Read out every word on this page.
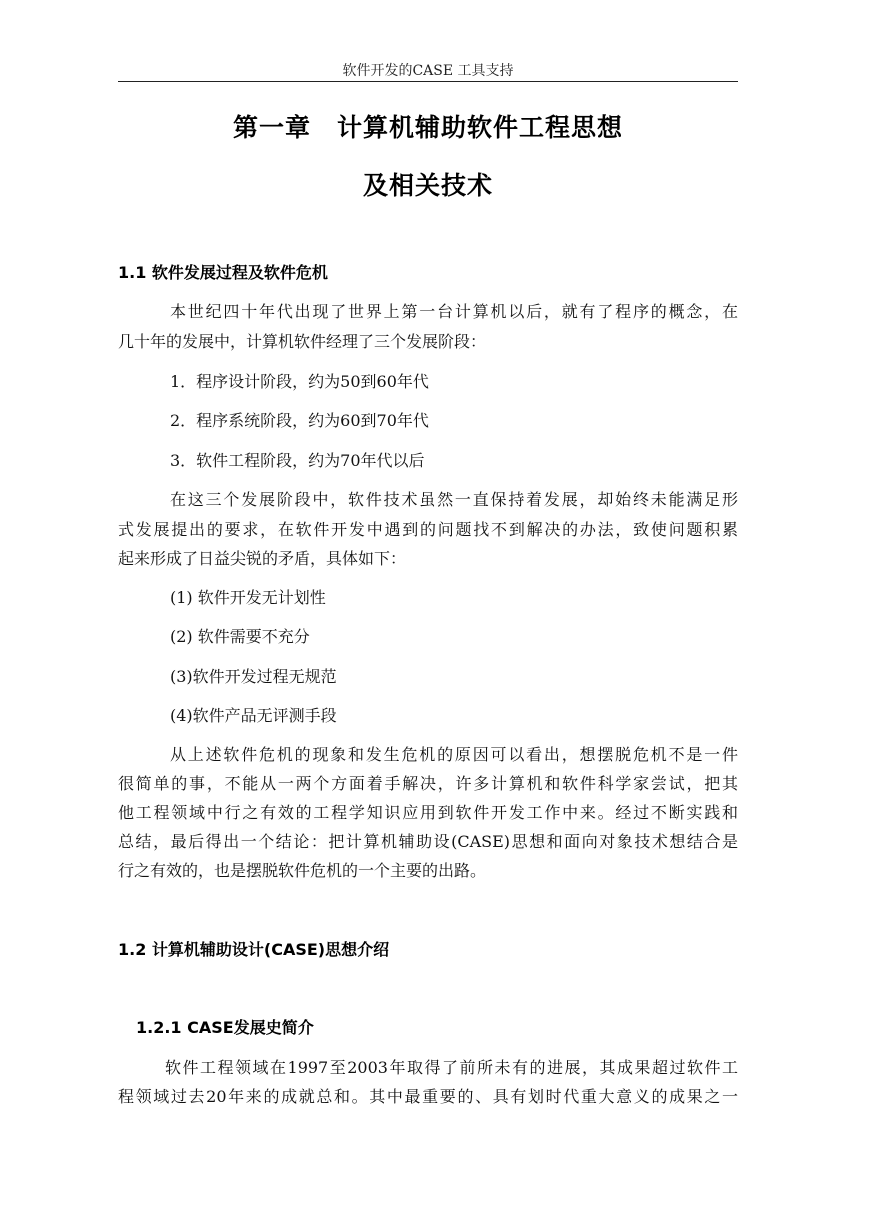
软件开发的CASE 工具支持
第一章　计算机辅助软件工程思想
及相关技术
1.1 软件发展过程及软件危机
本世纪四十年代出现了世界上第一台计算机以后，就有了程序的概念，在
几十年的发展中，计算机软件经理了三个发展阶段：
1．程序设计阶段，约为50到60年代
2．程序系统阶段，约为60到70年代
3．软件工程阶段，约为70年代以后
在这三个发展阶段中，软件技术虽然一直保持着发展，却始终未能满足形
式发展提出的要求，在软件开发中遇到的问题找不到解决的办法，致使问题积累
起来形成了日益尖锐的矛盾，具体如下：
(1) 软件开发无计划性
(2) 软件需要不充分
(3)软件开发过程无规范
(4)软件产品无评测手段
从上述软件危机的现象和发生危机的原因可以看出，想摆脱危机不是一件
很简单的事，不能从一两个方面着手解决，许多计算机和软件科学家尝试，把其
他工程领域中行之有效的工程学知识应用到软件开发工作中来。经过不断实践和
总结，最后得出一个结论：把计算机辅助设(CASE)思想和面向对象技术想结合是
行之有效的，也是摆脱软件危机的一个主要的出路。
1.2 计算机辅助设计(CASE)思想介绍
1.2.1 CASE发展史简介
软件工程领域在1997至2003年取得了前所未有的进展，其成果超过软件工
程领域过去20年来的成就总和。其中最重要的、具有划时代重大意义的成果之一
